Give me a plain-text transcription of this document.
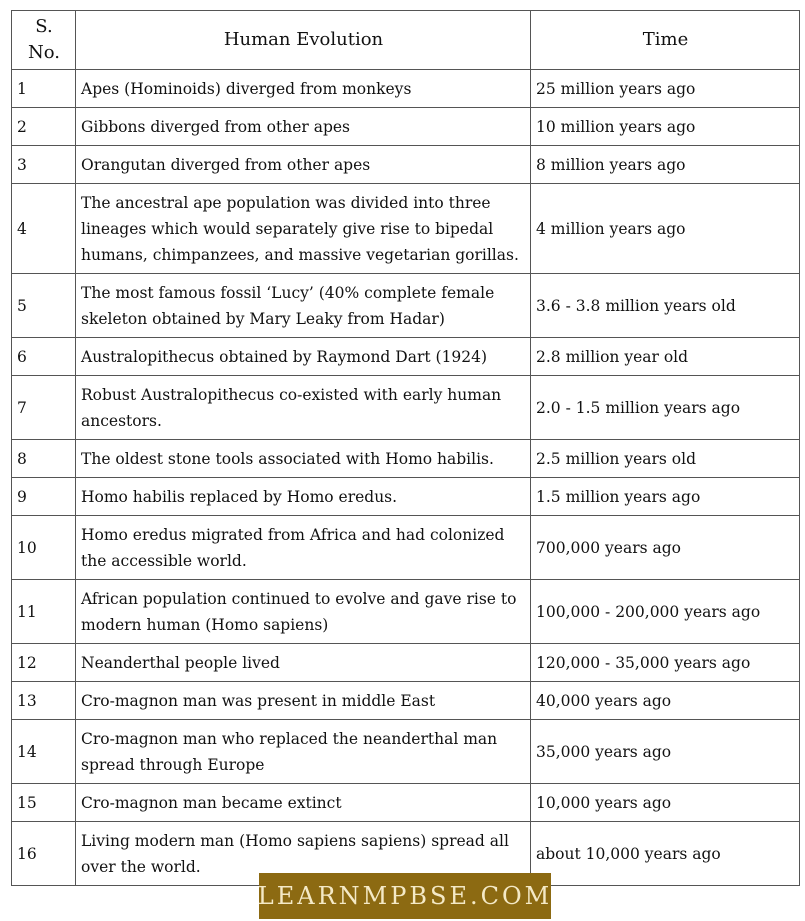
S. No.	Human Evolution	Time
1	Apes (Hominoids) diverged from monkeys	25 million years ago
2	Gibbons diverged from other apes	10 million years ago
3	Orangutan diverged from other apes	8 million years ago
4	The ancestral ape population was divided into three lineages which would separately give rise to bipedal humans, chimpanzees, and massive vegetarian gorillas.	4 million years ago
5	The most famous fossil ‘Lucy’ (40% complete female skeleton obtained by Mary Leaky from Hadar)	3.6 - 3.8 million years old
6	Australopithecus obtained by Raymond Dart (1924)	2.8 million year old
7	Robust Australopithecus co-existed with early human ancestors.	2.0 - 1.5 million years ago
8	The oldest stone tools associated with Homo habilis.	2.5 million years old
9	Homo habilis replaced by Homo eredus.	1.5 million years ago
10	Homo eredus migrated from Africa and had colonized the accessible world.	700,000 years ago
11	African population continued to evolve and gave rise to modern human (Homo sapiens)	100,000 - 200,000 years ago
12	Neanderthal people lived	120,000 - 35,000 years ago
13	Cro-magnon man was present in middle East	40,000 years ago
14	Cro-magnon man who replaced the neanderthal man spread through Europe	35,000 years ago
15	Cro-magnon man became extinct	10,000 years ago
16	Living modern man (Homo sapiens sapiens) spread all over the world.	about 10,000 years ago
LEARNMPBSE.COM
